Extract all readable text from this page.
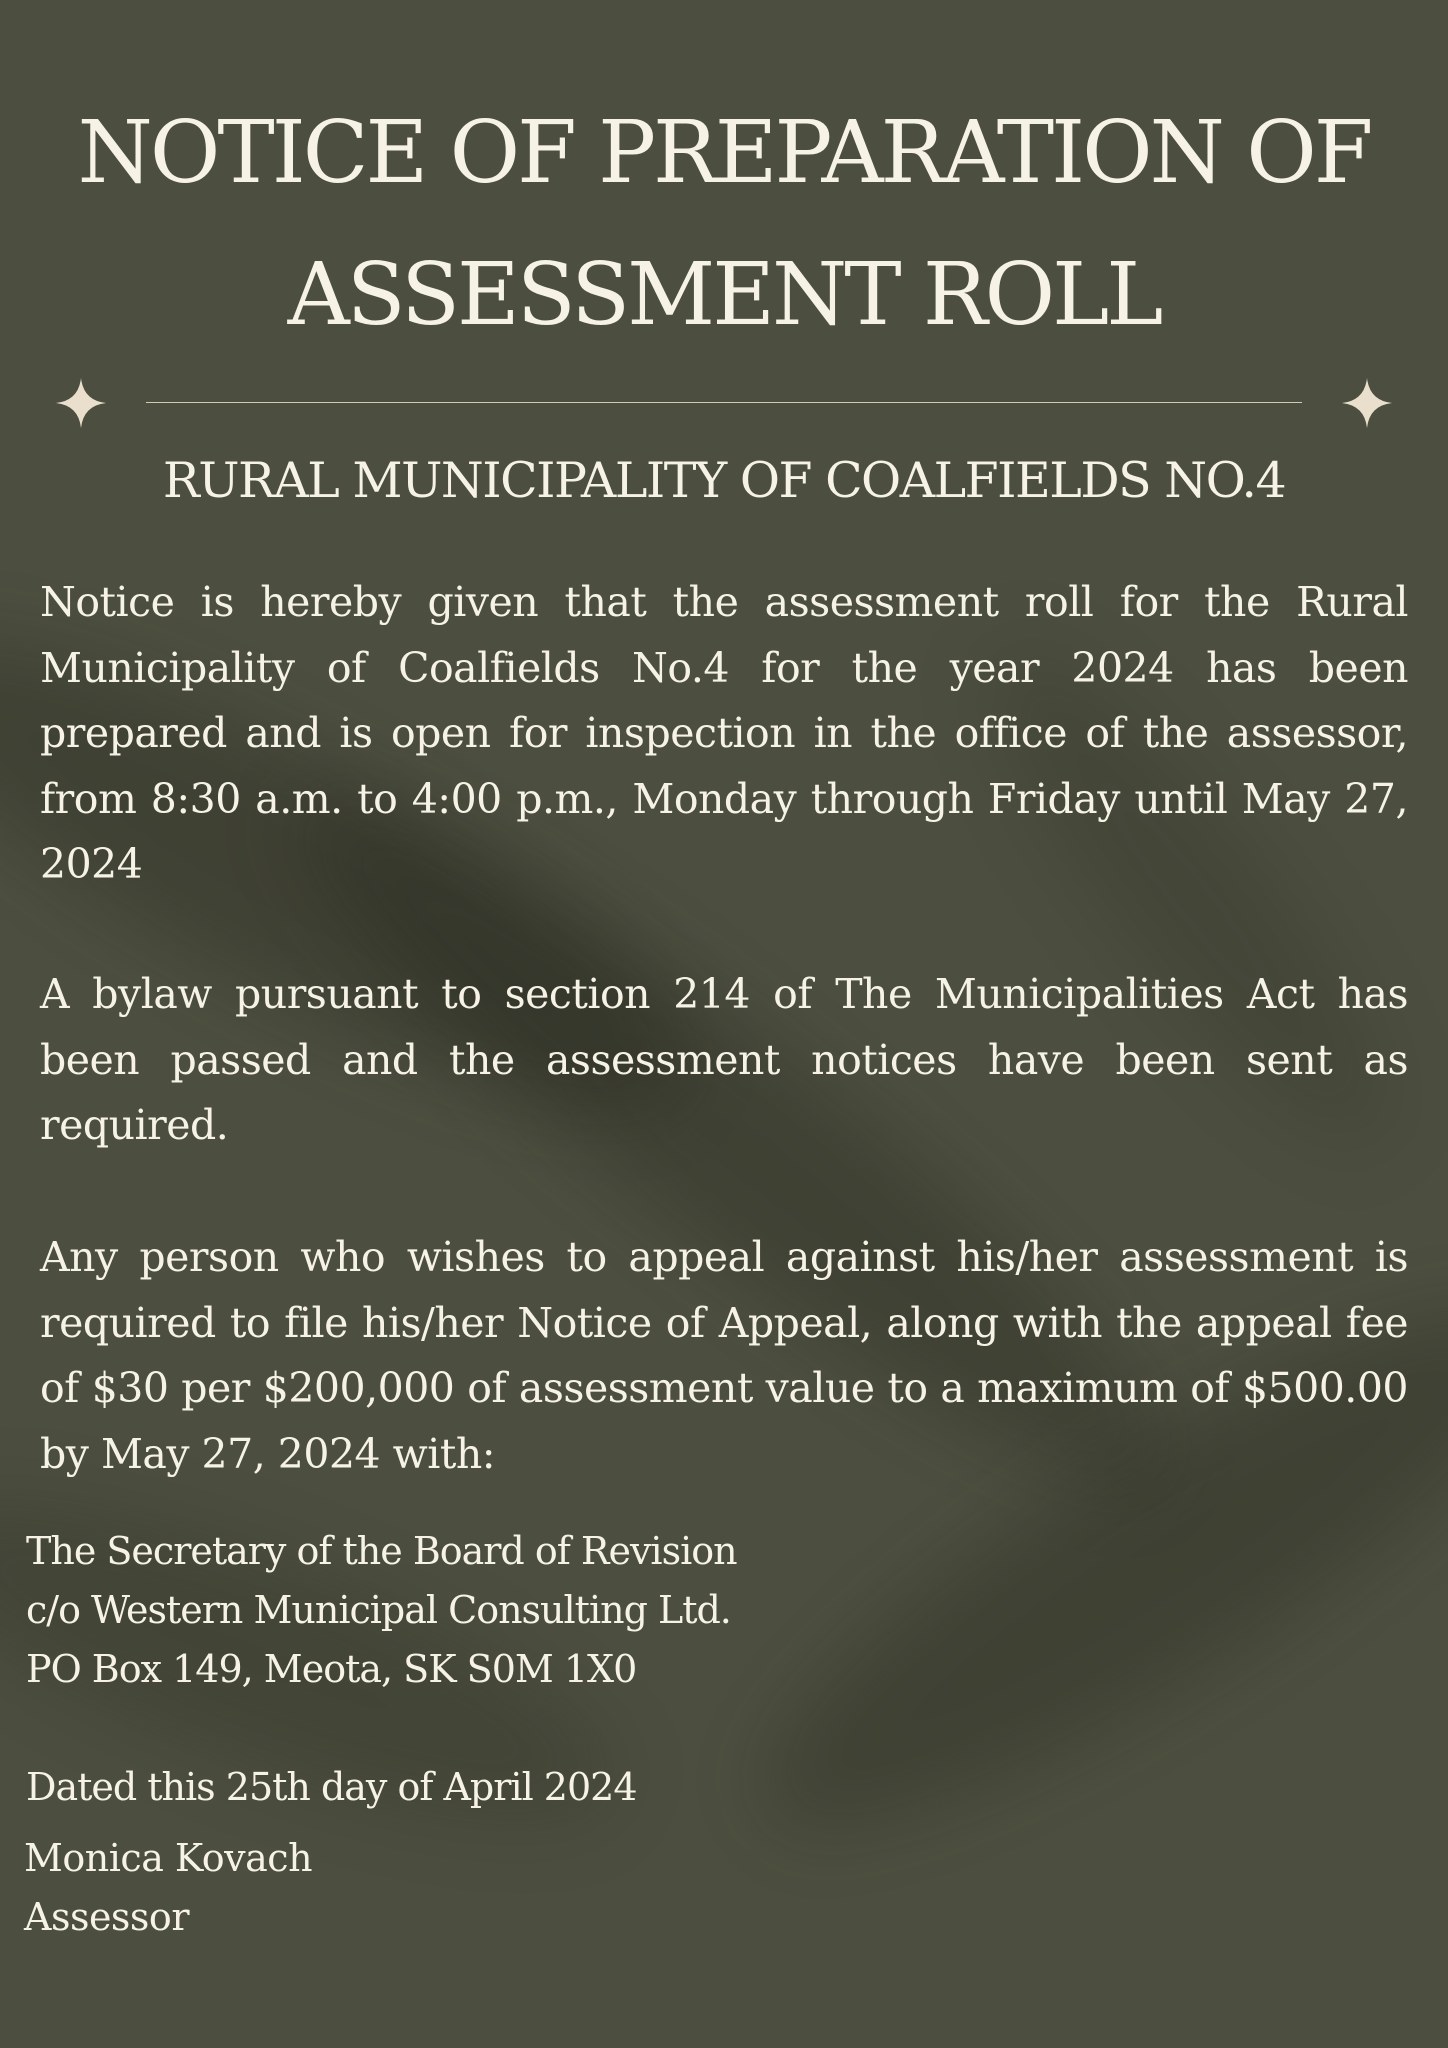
NOTICE OF PREPARATION OF
ASSESSMENT ROLL
RURAL MUNICIPALITY OF COALFIELDS NO.4

Notice is hereby given that the assessment roll for the Rural Municipality of Coalfields No.4 for the year 2024 has been prepared and is open for inspection in the office of the assessor, from 8:30 a.m. to 4:00 p.m., Monday through Friday until May 27, 2024

A bylaw pursuant to section 214 of The Municipalities Act has been passed and the assessment notices have been sent as required.

Any person who wishes to appeal against his/her assessment is required to file his/her Notice of Appeal, along with the appeal fee of $30 per $200,000 of assessment value to a maximum of $500.00 by May 27, 2024 with:

The Secretary of the Board of Revision
c/o Western Municipal Consulting Ltd.
PO Box 149, Meota, SK S0M 1X0
Dated this 25th day of April 2024
Monica Kovach
Assessor
